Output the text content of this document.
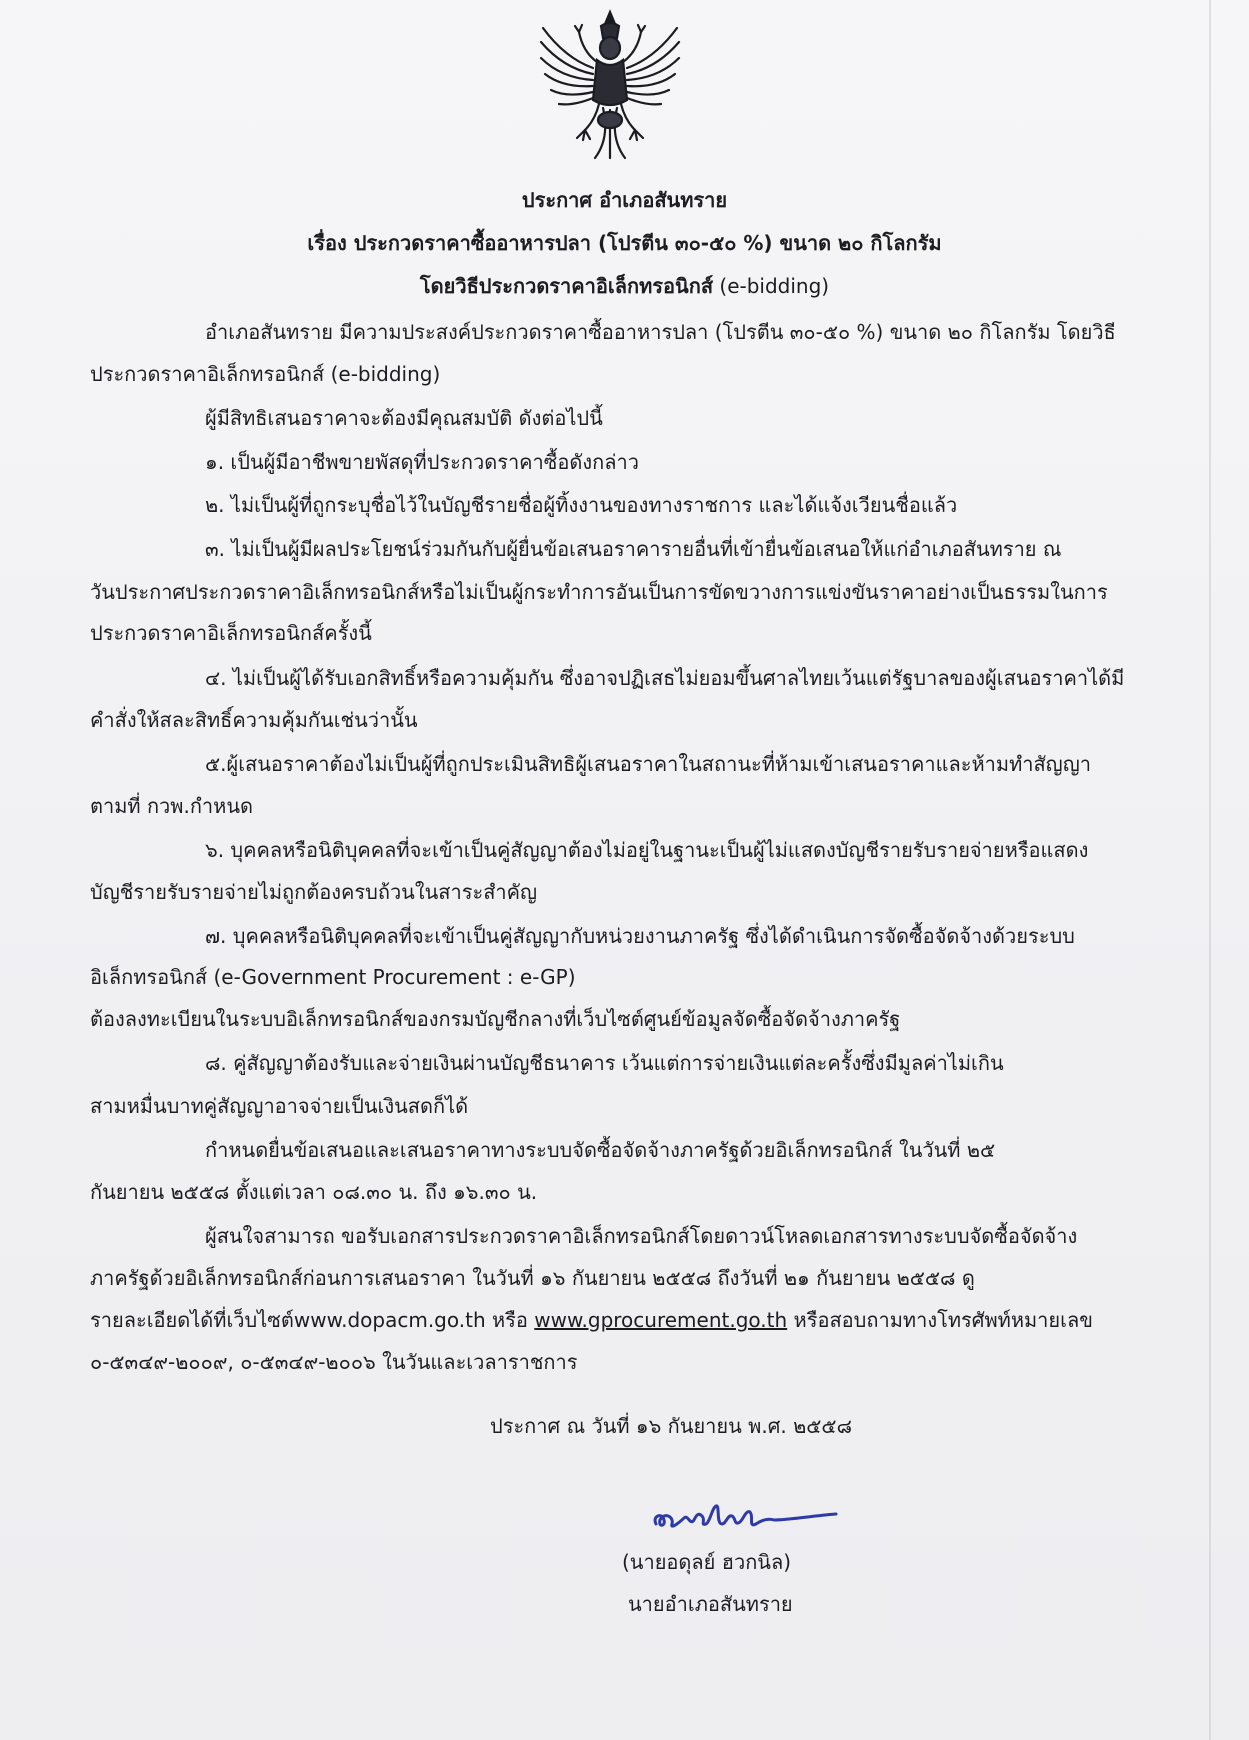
ประกาศ อำเภอสันทราย
เรื่อง ประกวดราคาซื้ออาหารปลา (โปรตีน ๓๐-๕๐ %) ขนาด ๒๐ กิโลกรัม
โดยวิธีประกวดราคาอิเล็กทรอนิกส์ (e-bidding)
อำเภอสันทราย มีความประสงค์ประกวดราคาซื้ออาหารปลา (โปรตีน ๓๐-๕๐ %) ขนาด ๒๐ กิโลกรัม โดยวิธี
ประกวดราคาอิเล็กทรอนิกส์ (e-bidding)
ผู้มีสิทธิเสนอราคาจะต้องมีคุณสมบัติ ดังต่อไปนี้
๑. เป็นผู้มีอาชีพขายพัสดุที่ประกวดราคาซื้อดังกล่าว
๒. ไม่เป็นผู้ที่ถูกระบุชื่อไว้ในบัญชีรายชื่อผู้ทิ้งงานของทางราชการ และได้แจ้งเวียนชื่อแล้ว
๓. ไม่เป็นผู้มีผลประโยชน์ร่วมกันกับผู้ยื่นข้อเสนอราคารายอื่นที่เข้ายื่นข้อเสนอให้แก่อำเภอสันทราย ณ
วันประกาศประกวดราคาอิเล็กทรอนิกส์หรือไม่เป็นผู้กระทำการอันเป็นการขัดขวางการแข่งขันราคาอย่างเป็นธรรมในการ
ประกวดราคาอิเล็กทรอนิกส์ครั้งนี้
๔. ไม่เป็นผู้ได้รับเอกสิทธิ์หรือความคุ้มกัน ซึ่งอาจปฏิเสธไม่ยอมขึ้นศาลไทยเว้นแต่รัฐบาลของผู้เสนอราคาได้มี
คำสั่งให้สละสิทธิ์ความคุ้มกันเช่นว่านั้น
๕.ผู้เสนอราคาต้องไม่เป็นผู้ที่ถูกประเมินสิทธิผู้เสนอราคาในสถานะที่ห้ามเข้าเสนอราคาและห้ามทำสัญญา
ตามที่ กวพ.กำหนด
๖. บุคคลหรือนิติบุคคลที่จะเข้าเป็นคู่สัญญาต้องไม่อยู่ในฐานะเป็นผู้ไม่แสดงบัญชีรายรับรายจ่ายหรือแสดง
บัญชีรายรับรายจ่ายไม่ถูกต้องครบถ้วนในสาระสำคัญ
๗. บุคคลหรือนิติบุคคลที่จะเข้าเป็นคู่สัญญากับหน่วยงานภาครัฐ ซึ่งได้ดำเนินการจัดซื้อจัดจ้างด้วยระบบ
อิเล็กทรอนิกส์ (e-Government Procurement : e-GP)
ต้องลงทะเบียนในระบบอิเล็กทรอนิกส์ของกรมบัญชีกลางที่เว็บไซต์ศูนย์ข้อมูลจัดซื้อจัดจ้างภาครัฐ
๘. คู่สัญญาต้องรับและจ่ายเงินผ่านบัญชีธนาคาร เว้นแต่การจ่ายเงินแต่ละครั้งซึ่งมีมูลค่าไม่เกิน
สามหมื่นบาทคู่สัญญาอาจจ่ายเป็นเงินสดก็ได้
กำหนดยื่นข้อเสนอและเสนอราคาทางระบบจัดซื้อจัดจ้างภาครัฐด้วยอิเล็กทรอนิกส์ ในวันที่ ๒๕
กันยายน ๒๕๕๘ ตั้งแต่เวลา ๐๘.๓๐ น. ถึง ๑๖.๓๐ น.
ผู้สนใจสามารถ ขอรับเอกสารประกวดราคาอิเล็กทรอนิกส์โดยดาวน์โหลดเอกสารทางระบบจัดซื้อจัดจ้าง
ภาครัฐด้วยอิเล็กทรอนิกส์ก่อนการเสนอราคา ในวันที่ ๑๖ กันยายน ๒๕๕๘ ถึงวันที่ ๒๑ กันยายน ๒๕๕๘ ดู
รายละเอียดได้ที่เว็บไซต์www.dopacm.go.th หรือ www.gprocurement.go.th หรือสอบถามทางโทรศัพท์หมายเลข
๐-๕๓๔๙-๒๐๐๙, ๐-๕๓๔๙-๒๐๐๖ ในวันและเวลาราชการ
ประกาศ ณ วันที่ ๑๖ กันยายน พ.ศ. ๒๕๕๘
(นายอดุลย์ ฮวกนิล)
นายอำเภอสันทราย
